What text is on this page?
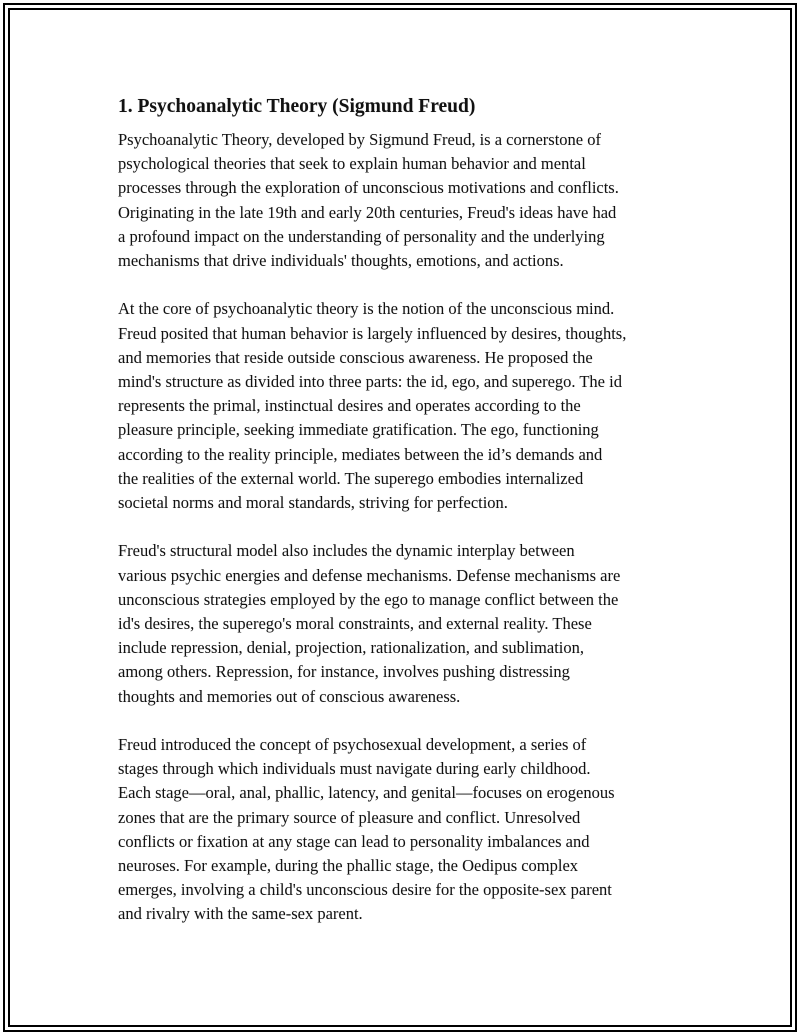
1. Psychoanalytic Theory (Sigmund Freud)

Psychoanalytic Theory, developed by Sigmund Freud, is a cornerstone of
psychological theories that seek to explain human behavior and mental
processes through the exploration of unconscious motivations and conflicts.
Originating in the late 19th and early 20th centuries, Freud's ideas have had
a profound impact on the understanding of personality and the underlying
mechanisms that drive individuals' thoughts, emotions, and actions.

At the core of psychoanalytic theory is the notion of the unconscious mind.
Freud posited that human behavior is largely influenced by desires, thoughts,
and memories that reside outside conscious awareness. He proposed the
mind's structure as divided into three parts: the id, ego, and superego. The id
represents the primal, instinctual desires and operates according to the
pleasure principle, seeking immediate gratification. The ego, functioning
according to the reality principle, mediates between the id’s demands and
the realities of the external world. The superego embodies internalized
societal norms and moral standards, striving for perfection.

Freud's structural model also includes the dynamic interplay between
various psychic energies and defense mechanisms. Defense mechanisms are
unconscious strategies employed by the ego to manage conflict between the
id's desires, the superego's moral constraints, and external reality. These
include repression, denial, projection, rationalization, and sublimation,
among others. Repression, for instance, involves pushing distressing
thoughts and memories out of conscious awareness.

Freud introduced the concept of psychosexual development, a series of
stages through which individuals must navigate during early childhood.
Each stage—oral, anal, phallic, latency, and genital—focuses on erogenous
zones that are the primary source of pleasure and conflict. Unresolved
conflicts or fixation at any stage can lead to personality imbalances and
neuroses. For example, during the phallic stage, the Oedipus complex
emerges, involving a child's unconscious desire for the opposite-sex parent
and rivalry with the same-sex parent.
